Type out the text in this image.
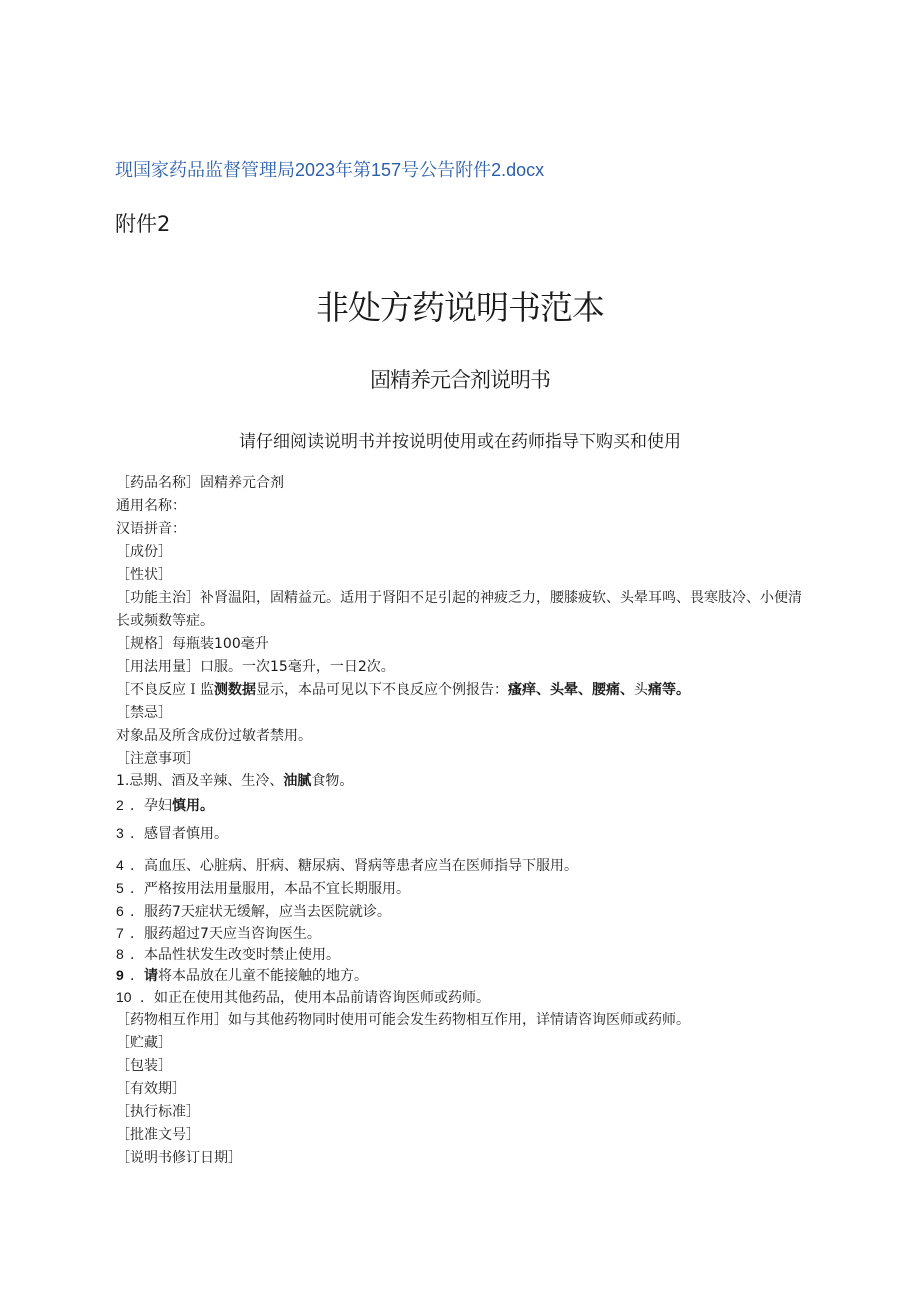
现国家药品监督管理局2023年第157号公告附件2.docx
附件2
非处方药说明书范本
固精养元合剂说明书
请仔细阅读说明书并按说明使用或在药师指导下购买和使用
［药品名称］固精养元合剂
通用名称：
汉语拼音：
［成份］
［性状］
［功能主治］补肾温阳，固精益元。适用于肾阳不足引起的神疲乏力，腰膝疲软、头晕耳鸣、畏寒肢冷、小便清长或频数等症。
［规格］每瓶装100毫升
［用法用量］口服。一次15毫升，一日2次。
［不良反应Ｉ监测数据显示，本品可见以下不良反应个例报告：瘙痒、头晕、腰痛、头痛等。
［禁忌］
对象品及所含成份过敏者禁用。
［注意事项］
1.忌期、酒及辛辣、生冷、油腻食物。
2 ．孕妇慎用。
3 ．感冒者慎用。
4 ．高血压、心脏病、肝病、糖尿病、肾病等患者应当在医师指导下服用。
5 ．严格按用法用量服用，本品不宜长期服用。
6 ．服药7天症状无缓解，应当去医院就诊。
7 ．服药超过7天应当咨询医生。
8 ．本品性状发生改变时禁止使用。
9 ．请将本品放在儿童不能接触的地方。
10 ．如正在使用其他药品，使用本品前请咨询医师或药师。
［药物相互作用］如与其他药物同时使用可能会发生药物相互作用，详情请咨询医师或药师。
［贮藏］
［包装］
［有效期］
［执行标准］
［批准文号］
［说明书修订日期］
